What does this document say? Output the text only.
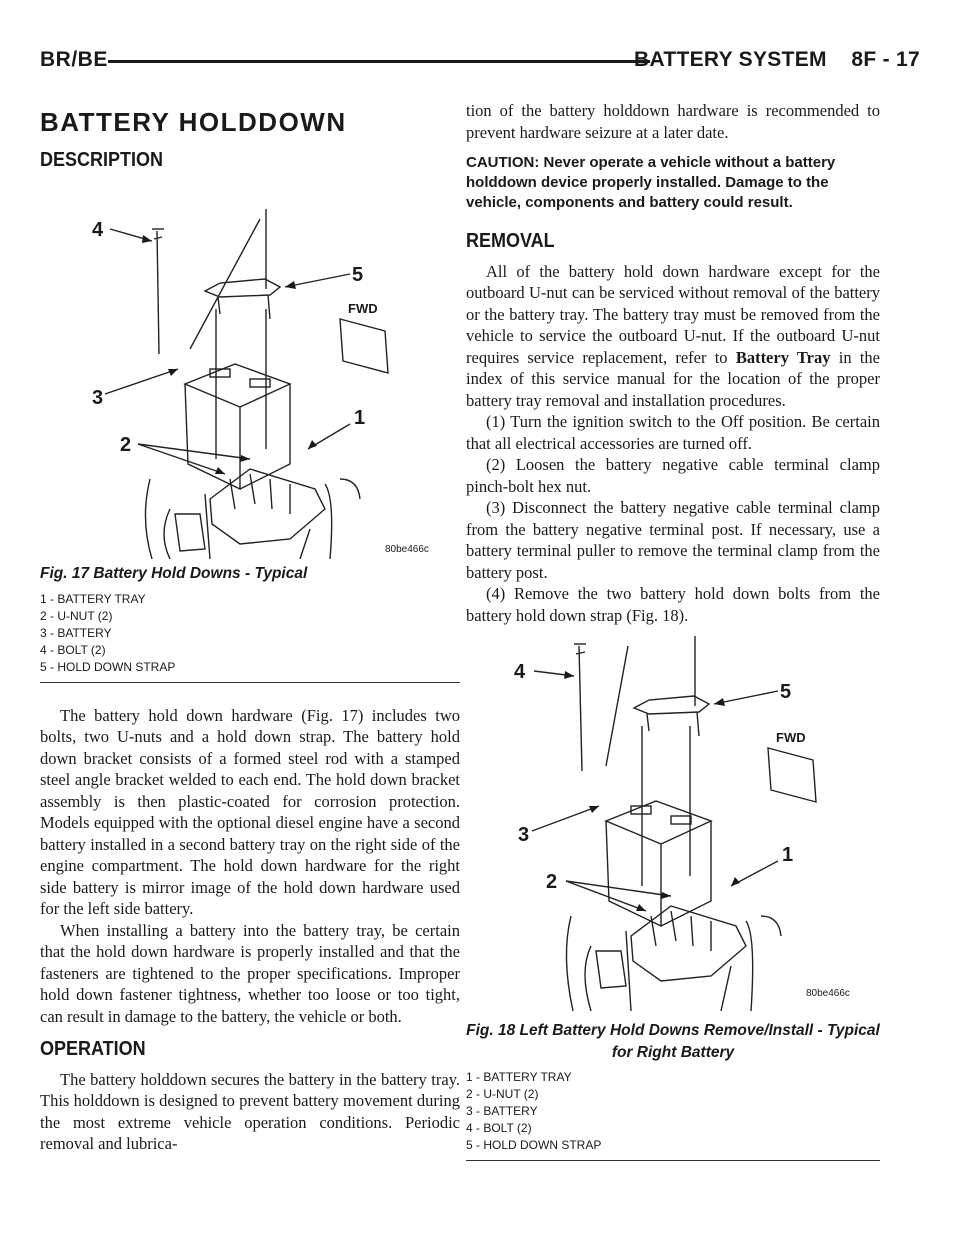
BR/BE	BATTERY SYSTEM    8F - 17
BATTERY HOLDDOWN
DESCRIPTION
4
5
3
2
1
FWD
80be466c
Fig. 17 Battery Hold Downs - Typical
1 - BATTERY TRAY
2 - U-NUT (2)
3 - BATTERY
4 - BOLT (2)
5 - HOLD DOWN STRAP

The battery hold down hardware (Fig. 17) includes two bolts, two U-nuts and a hold down strap. The battery hold down bracket consists of a formed steel rod with a stamped steel angle bracket welded to each end. The hold down bracket assembly is then plastic-coated for corrosion protection. Models equipped with the optional diesel engine have a second battery installed in a second battery tray on the right side of the engine compartment. The hold down hardware for the right side battery is mirror image of the hold down hardware used for the left side battery.

When installing a battery into the battery tray, be certain that the hold down hardware is properly installed and that the fasteners are tightened to the proper specifications. Improper hold down fastener tightness, whether too loose or too tight, can result in damage to the battery, the vehicle or both.

OPERATION

The battery holddown secures the battery in the battery tray. This holddown is designed to prevent battery movement during the most extreme vehicle operation conditions. Periodic removal and lubrica-

tion of the battery holddown hardware is recommended to prevent hardware seizure at a later date.

CAUTION: Never operate a vehicle without a battery holddown device properly installed. Damage to the vehicle, components and battery could result.

REMOVAL

All of the battery hold down hardware except for the outboard U-nut can be serviced without removal of the battery or the battery tray. The battery tray must be removed from the vehicle to service the outboard U-nut. If the outboard U-nut requires service replacement, refer to Battery Tray in the index of this service manual for the location of the proper battery tray removal and installation procedures.

(1) Turn the ignition switch to the Off position. Be certain that all electrical accessories are turned off.

(2) Loosen the battery negative cable terminal clamp pinch-bolt hex nut.

(3) Disconnect the battery negative cable terminal clamp from the battery negative terminal post. If necessary, use a battery terminal puller to remove the terminal clamp from the battery post.

(4) Remove the two battery hold down bolts from the battery hold down strap (Fig. 18).

4
5
3
2
1
FWD
80be466c
Fig. 18 Left Battery Hold Downs Remove/Install - Typical for Right Battery
1 - BATTERY TRAY
2 - U-NUT (2)
3 - BATTERY
4 - BOLT (2)
5 - HOLD DOWN STRAP
